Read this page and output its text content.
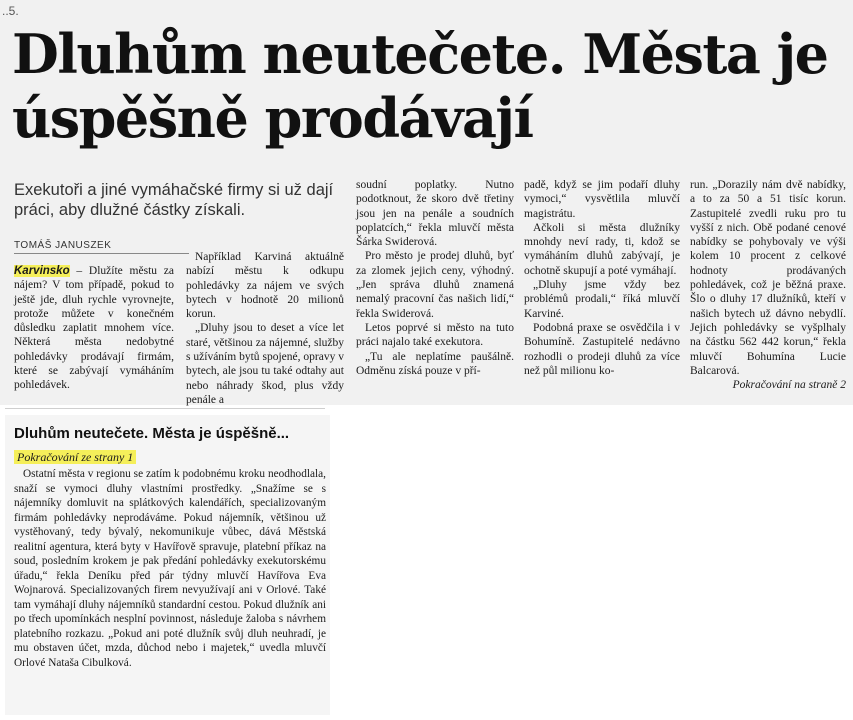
..5.
Dluhům neutečete. Města je úspěšně prodávají

Exekutoři a jiné vymáhačské firmy si už dají práci, aby dlužné částky získali.

TOMÁŠ JANUSZEK

Karvinsko – Dlužíte městu za nájem? V tom případě, pokud to ještě jde, dluh rychle vyrovnejte, protože můžete v konečném důsledku zaplatit mnohem více. Některá města nedobytné pohledávky prodávají firmám, které se zabývají vymáháním pohledávek.

Například Karviná aktuálně nabízí městu k odkupu pohledávky za nájem ve svých bytech v hodnotě 20 milionů korun.

„Dluhy jsou to deset a více let staré, většinou za nájemné, služby s užíváním bytů spojené, opravy v bytech, ale jsou tu také odtahy aut nebo náhrady škod, plus vždy penále a

soudní poplatky. Nutno podotknout, že skoro dvě třetiny jsou jen na penále a soudních poplatcích,“ řekla mluvčí města Šárka Swiderová.

Pro město je prodej dluhů, byť za zlomek jejich ceny, výhodný. „Jen správa dluhů znamená nemalý pracovní čas našich lidí,“ řekla Swiderová.

Letos poprvé si město na tuto práci najalo také exekutora.

„Tu ale neplatíme paušálně. Odměnu získá pouze v pří-

padě, když se jim podaří dluhy vymoci,“ vysvětlila mluvčí magistrátu.

Ačkoli si města dlužníky mnohdy neví rady, ti, kdož se vymáháním dluhů zabývají, je ochotně skupují a poté vymáhají.

„Dluhy jsme vždy bez problémů prodali,“ říká mluvčí Karviné.

Podobná praxe se osvědčila i v Bohumíně. Zastupitelé nedávno rozhodli o prodeji dluhů za více než půl milionu ko-

run. „Dorazily nám dvě nabídky, a to za 50 a 51 tisíc korun. Zastupitelé zvedli ruku pro tu vyšší z nich. Obě podané cenové nabídky se pohybovaly ve výši kolem 10 procent z celkové hodnoty prodávaných pohledávek, což je běžná praxe. Šlo o dluhy 17 dlužníků, kteří v našich bytech už dávno nebydlí. Jejich pohledávky se vyšplhaly na částku 562 442 korun,“ řekla mluvčí Bohumína Lucie Balcarová.

Pokračování na straně 2

Dluhům neutečete. Města je úspěšně...
Pokračování ze strany 1

Ostatní města v regionu se zatím k podobnému kroku neodhodlala, snaží se vymoci dluhy vlastními prostředky. „Snažíme se s nájemníky domluvit na splátkových kalendářích, specializovaným firmám pohledávky neprodáváme. Pokud nájemník, většinou už vystěhovaný, tedy bývalý, nekomunikuje vůbec, dává Městská realitní agentura, která byty v Havířově spravuje, platební příkaz na soud, posledním krokem je pak předání pohledávky exekutorskému úřadu,“ řekla Deníku před pár týdny mluvčí Havířova Eva Wojnarová. Specializovaných firem nevyužívají ani v Orlové. Také tam vymáhají dluhy nájemníků standardní cestou. Pokud dlužník ani po třech upomínkách nesplní povinnost, následuje žaloba s návrhem platebního rozkazu. „Pokud ani poté dlužník svůj dluh neuhradí, je mu obstaven účet, mzda, důchod nebo i majetek,“ uvedla mluvčí Orlové Nataša Cibulková.
